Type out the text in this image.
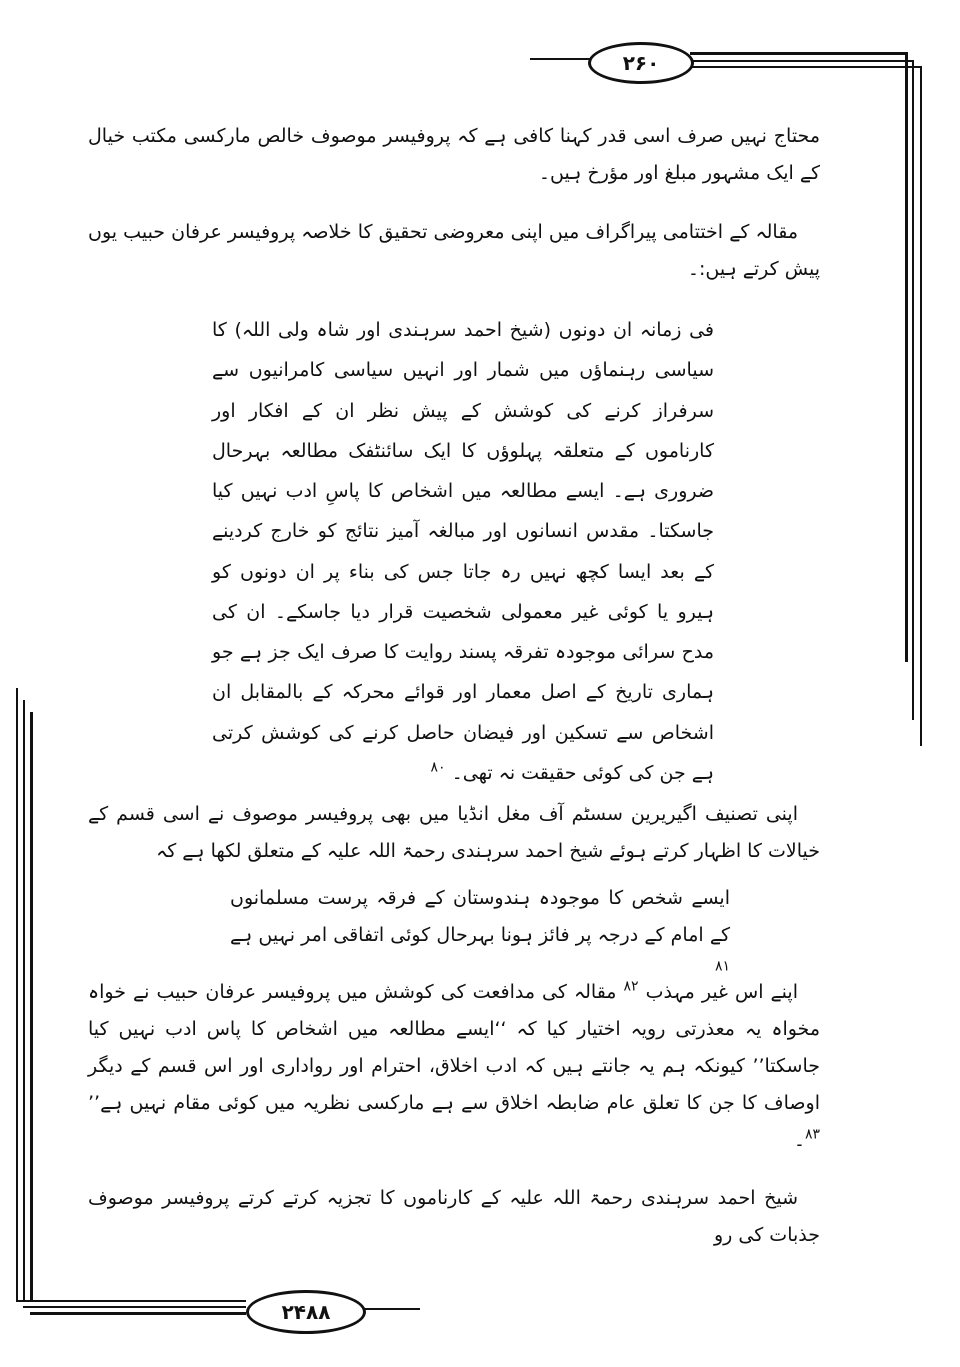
۲۶۰
۲۴۸۸

محتاج نہیں صرف اسی قدر کہنا کافی ہے کہ پروفیسر موصوف خالص مارکسی مکتب خیال کے ایک مشہور مبلغ اور مؤرخ ہیں۔

مقالہ کے اختتامی پیراگراف میں اپنی معروضی تحقیق کا خلاصہ پروفیسر عرفان حبیب یوں پیش کرتے ہیں:۔

فی زمانہ ان دونوں (شیخ احمد سرہندی اور شاہ ولی اللہ) کا سیاسی رہنماؤں میں شمار اور انہیں سیاسی کامرانیوں سے سرفراز کرنے کی کوشش کے پیش نظر ان کے افکار اور کارناموں کے متعلقہ پہلوؤں کا ایک سائنٹفک مطالعہ بہرحال ضروری ہے۔ ایسے مطالعہ میں اشخاص کا پاسِ ادب نہیں کیا جاسکتا۔ مقدس انسانوں اور مبالغہ آمیز نتائج کو خارج کردینے کے بعد ایسا کچھ نہیں رہ جاتا جس کی بناء پر ان دونوں کو ہیرو یا کوئی غیر معمولی شخصیت قرار دیا جاسکے۔ ان کی مدح سرائی موجودہ تفرقہ پسند روایت کا صرف ایک جز ہے جو ہماری تاریخ کے اصل معمار اور قوائے محرکہ کے بالمقابل ان اشخاص سے تسکین اور فیضان حاصل کرنے کی کوشش کرتی ہے جن کی کوئی حقیقت نہ تھی۔ $^{۸۰}$

اپنی تصنیف اگیریرین سسٹم آف مغل انڈیا میں بھی پروفیسر موصوف نے اسی قسم کے خیالات کا اظہار کرتے ہوئے شیخ احمد سرہندی رحمۃ اللہ علیہ کے متعلق لکھا ہے کہ

ایسے شخص کا موجودہ ہندوستان کے فرقہ پرست مسلمانوں کے امام کے درجہ پر فائز ہونا بہرحال کوئی اتفاقی امر نہیں ہے $^{۸۱}$

اپنے اس غیر مہذب $^{۸۲}$ مقالہ کی مدافعت کی کوشش میں پروفیسر عرفان حبیب نے خواہ مخواہ یہ معذرتی رویہ اختیار کیا کہ ‘‘ایسے مطالعہ میں اشخاص کا پاس ادب نہیں کیا جاسکتا’’ کیونکہ ہم یہ جانتے ہیں کہ ادب اخلاق، احترام اور رواداری اور اس قسم کے دیگر اوصاف کا جن کا تعلق عام ضابطہ اخلاق سے ہے مارکسی نظریہ میں کوئی مقام نہیں ہے’’ $^{۸۳}$۔

شیخ احمد سرہندی رحمۃ اللہ علیہ کے کارناموں کا تجزیہ کرتے کرتے پروفیسر موصوف جذبات کی رو
